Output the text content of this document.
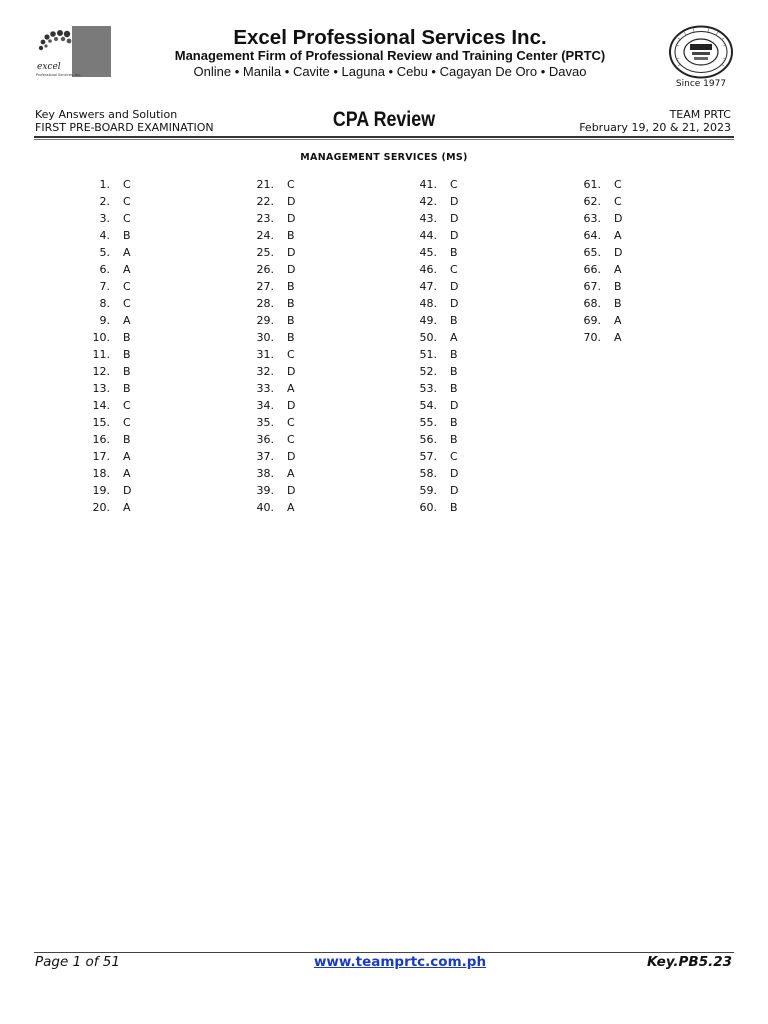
excel
Professional Services, Inc.
Excel Professional Services Inc.
Management Firm of Professional Review and Training Center (PRTC)
Online • Manila • Cavite • Laguna • Cebu • Cagayan De Oro • Davao
Since 1977
Key Answers and Solution
FIRST PRE-BOARD EXAMINATION	CPA Review	TEAM PRTC
February 19, 20 & 21, 2023
MANAGEMENT SERVICES (MS)
1. C
2. C
3. C
4. B
5. A
6. A
7. C
8. C
9. A
10. B
11. B
12. B
13. B
14. C
15. C
16. B
17. A
18. A
19. D
20. A
21. C
22. D
23. D
24. B
25. D
26. D
27. B
28. B
29. B
30. B
31. C
32. D
33. A
34. D
35. C
36. C
37. D
38. A
39. D
40. A
41. C
42. D
43. D
44. D
45. B
46. C
47. D
48. D
49. B
50. A
51. B
52. B
53. B
54. D
55. B
56. B
57. C
58. D
59. D
60. B
61. C
62. C
63. D
64. A
65. D
66. A
67. B
68. B
69. A
70. A
Page 1 of 51	www.teamprtc.com.ph	Key.PB5.23
